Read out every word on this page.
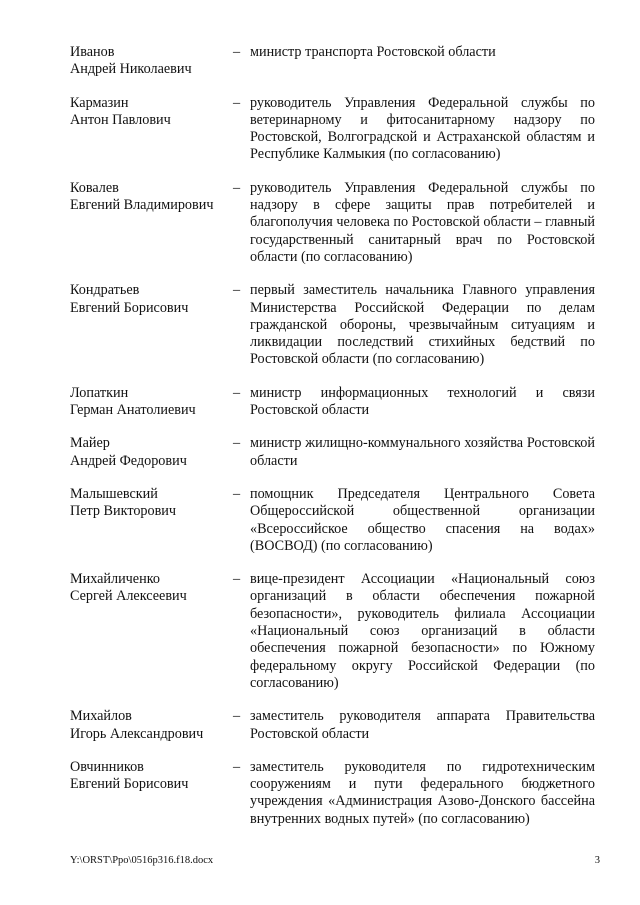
Иванов
Андрей Николаевич
– министр транспорта Ростовской области
Кармазин
Антон Павлович
– руководитель Управления Федеральной службы по ветеринарному и фитосанитарному надзору по Ростовской, Волгоградской и Астраханской областям и Республике Калмыкия (по согласованию)
Ковалев
Евгений Владимирович
– руководитель Управления Федеральной службы по надзору в сфере защиты прав потребителей и благополучия человека по Ростовской области – главный государственный санитарный врач по Ростовской области (по согласованию)
Кондратьев
Евгений Борисович
– первый заместитель начальника Главного управления Министерства Российской Федерации по делам гражданской обороны, чрезвычайным ситуациям и ликвидации последствий стихийных бедствий по Ростовской области (по согласованию)
Лопаткин
Герман Анатолиевич
– министр информационных технологий и связи Ростовской области
Майер
Андрей Федорович
– министр жилищно-коммунального хозяйства Ростовской области
Малышевский
Петр Викторович
– помощник Председателя Центрального Совета Общероссийской общественной организации «Всероссийское общество спасения на водах» (ВОСВОД) (по согласованию)
Михайличенко
Сергей Алексеевич
– вице-президент Ассоциации «Национальный союз организаций в области обеспечения пожарной безопасности», руководитель филиала Ассоциации «Национальный союз организаций в области обеспечения пожарной безопасности» по Южному федеральному округу Российской Федерации (по согласованию)
Михайлов
Игорь Александрович
– заместитель руководителя аппарата Правительства Ростовской области
Овчинников
Евгений Борисович
– заместитель руководителя по гидротехническим сооружениям и пути федерального бюджетного учреждения «Администрация Азово-Донского бассейна внутренних водных путей» (по согласованию)
Y:\ORST\Ppo\0516p316.f18.docx	3
